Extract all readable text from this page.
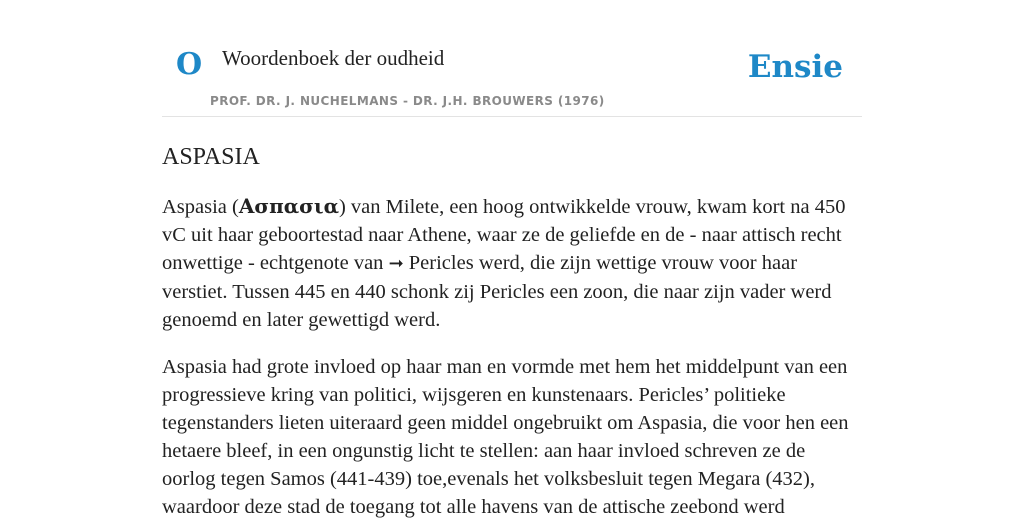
O Woordenboek der oudheid
PROF. DR. J. NUCHELMANS - DR. J.H. BROUWERS (1976)
Ensie
ASPASIA

Aspasia (Ασπασια) van Milete, een hoog ontwikkelde vrouw, kwam kort na 450 vC uit haar geboortestad naar Athene, waar ze de geliefde en de - naar attisch recht onwettige - echtgenote van ➞ Pericles werd, die zijn wettige vrouw voor haar verstiet. Tussen 445 en 440 schonk zij Pericles een zoon, die naar zijn vader werd genoemd en later gewettigd werd.

Aspasia had grote invloed op haar man en vormde met hem het middelpunt van een progressieve kring van politici, wijsgeren en kunstenaars. Pericles’ politieke tegenstanders lieten uiteraard geen middel ongebruikt om Aspasia, die voor hen een hetaere bleef, in een ongunstig licht te stellen: aan haar invloed schreven ze de oorlog tegen Samos (441-439) toe,evenals het volksbesluit tegen Megara (432), waardoor deze stad de toegang tot alle havens van de attische zeebond werd
